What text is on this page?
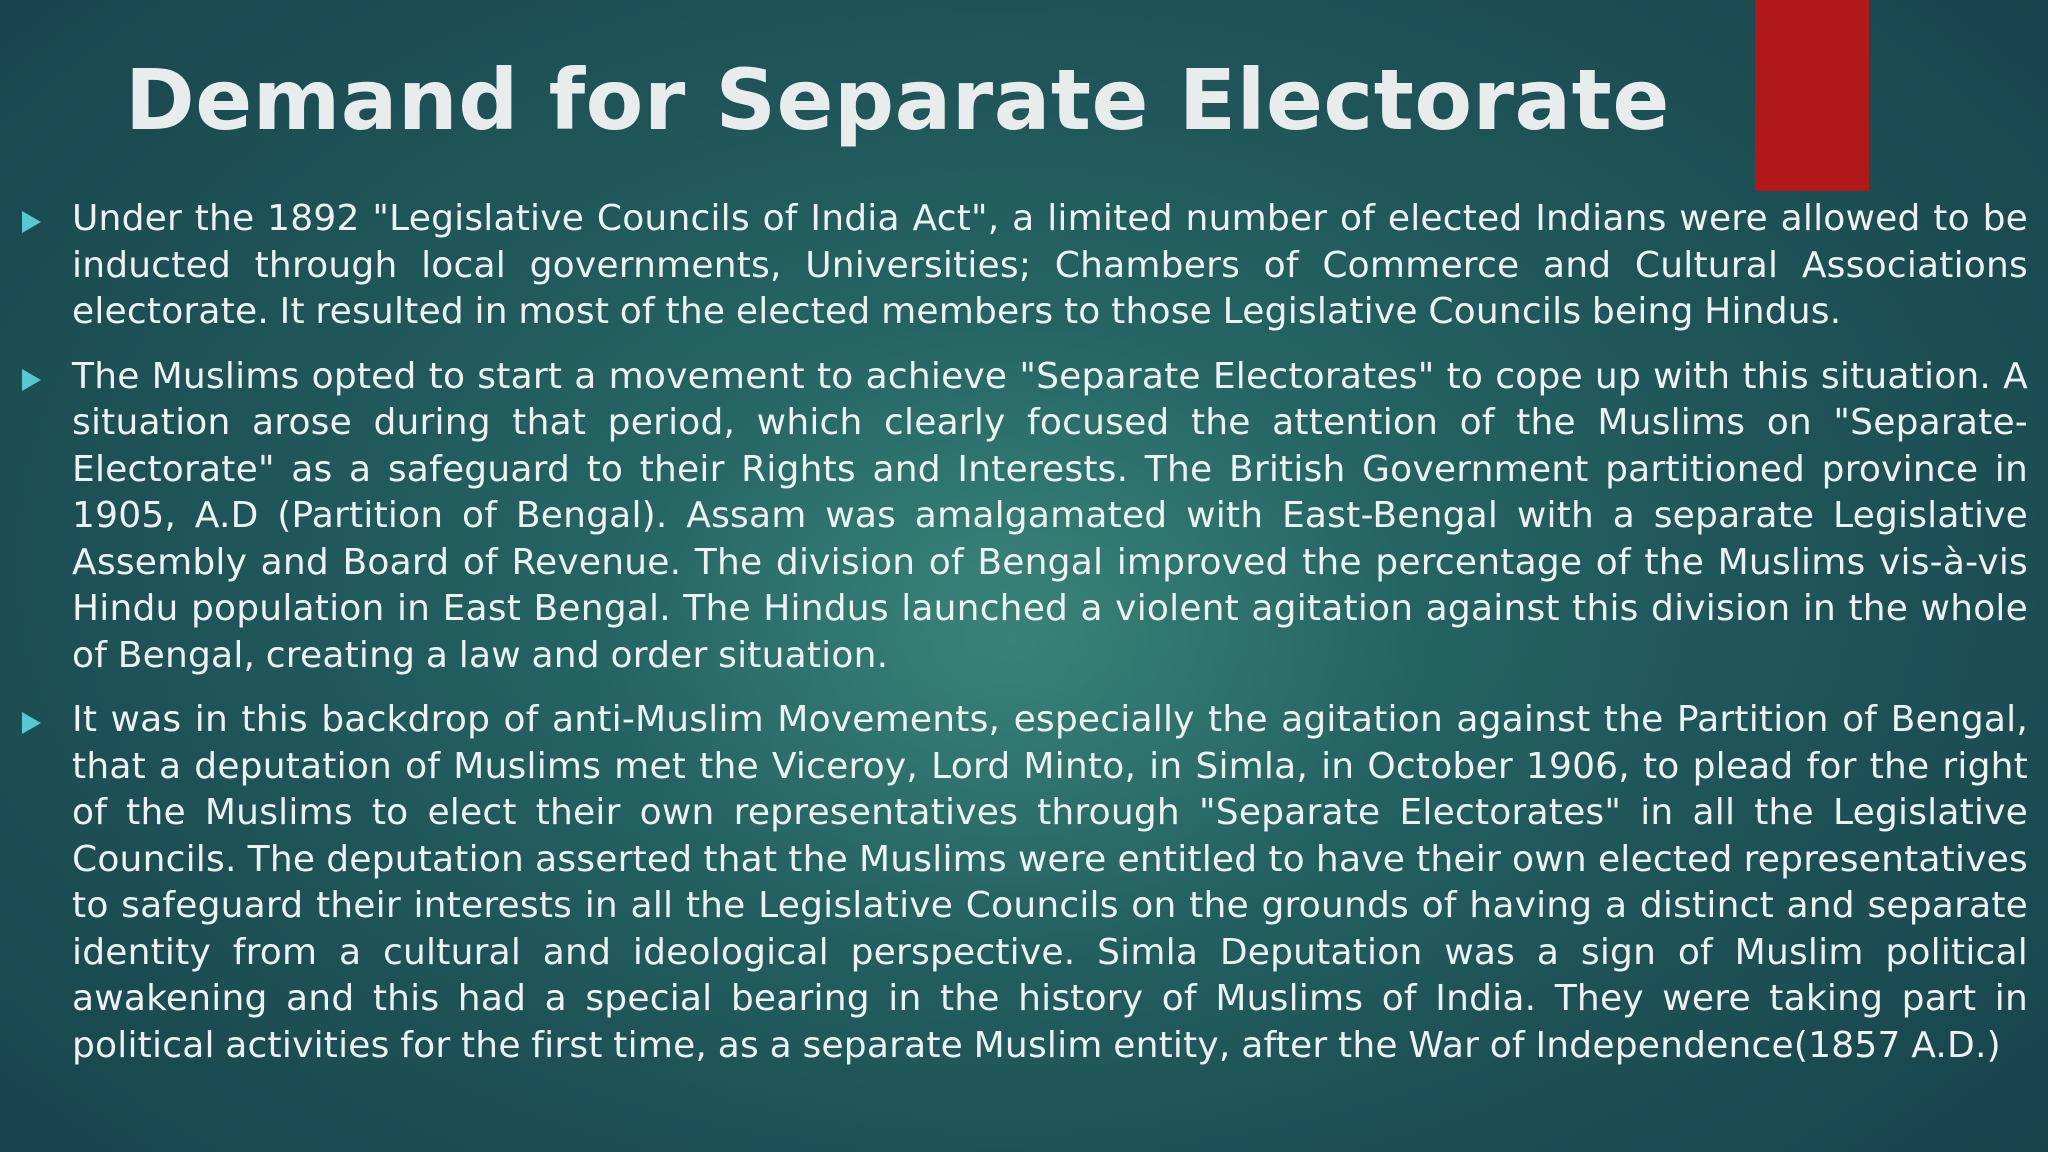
Demand for Separate Electorate

Under the 1892 "Legislative Councils of India Act", a limited number of elected Indians were allowed to be inducted through local governments, Universities; Chambers of Commerce and Cultural Associations electorate. It resulted in most of the elected members to those Legislative Councils being Hindus.

The Muslims opted to start a movement to achieve "Separate Electorates" to cope up with this situation. A situation arose during that period, which clearly focused the attention of the Muslims on "Separate-Electorate" as a safeguard to their Rights and Interests. The British Government partitioned province in 1905, A.D (Partition of Bengal). Assam was amalgamated with East-Bengal with a separate Legislative Assembly and Board of Revenue. The division of Bengal improved the percentage of the Muslims vis-à-vis Hindu population in East Bengal. The Hindus launched a violent agitation against this division in the whole of Bengal, creating a law and order situation.

It was in this backdrop of anti-Muslim Movements, especially the agitation against the Partition of Bengal, that a deputation of Muslims met the Viceroy, Lord Minto, in Simla, in October 1906, to plead for the right of the Muslims to elect their own representatives through "Separate Electorates" in all the Legislative Councils. The deputation asserted that the Muslims were entitled to have their own elected representatives to safeguard their interests in all the Legislative Councils on the grounds of having a distinct and separate identity from a cultural and ideological perspective. Simla Deputation was a sign of Muslim political awakening and this had a special bearing in the history of Muslims of India. They were taking part in political activities for the first time, as a separate Muslim entity, after the War of Independence(1857 A.D.)
